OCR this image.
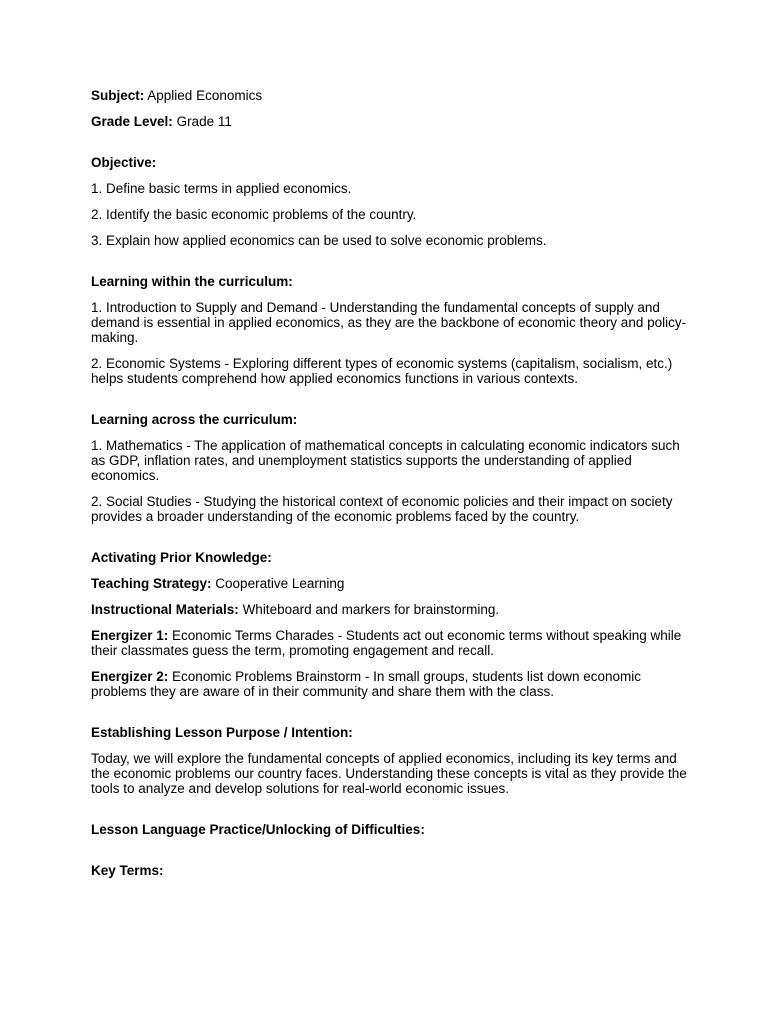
Subject: Applied Economics

Grade Level: Grade 11

Objective:

1. Define basic terms in applied economics.

2. Identify the basic economic problems of the country.

3. Explain how applied economics can be used to solve economic problems.

Learning within the curriculum:

1. Introduction to Supply and Demand - Understanding the fundamental concepts of supply and demand is essential in applied economics, as they are the backbone of economic theory and policy-making.

2. Economic Systems - Exploring different types of economic systems (capitalism, socialism, etc.) helps students comprehend how applied economics functions in various contexts.

Learning across the curriculum:

1. Mathematics - The application of mathematical concepts in calculating economic indicators such as GDP, inflation rates, and unemployment statistics supports the understanding of applied economics.

2. Social Studies - Studying the historical context of economic policies and their impact on society provides a broader understanding of the economic problems faced by the country.

Activating Prior Knowledge:

Teaching Strategy: Cooperative Learning

Instructional Materials: Whiteboard and markers for brainstorming.

Energizer 1: Economic Terms Charades - Students act out economic terms without speaking while their classmates guess the term, promoting engagement and recall.

Energizer 2: Economic Problems Brainstorm - In small groups, students list down economic problems they are aware of in their community and share them with the class.

Establishing Lesson Purpose / Intention:

Today, we will explore the fundamental concepts of applied economics, including its key terms and the economic problems our country faces. Understanding these concepts is vital as they provide the tools to analyze and develop solutions for real-world economic issues.

Lesson Language Practice/Unlocking of Difficulties:

Key Terms:
